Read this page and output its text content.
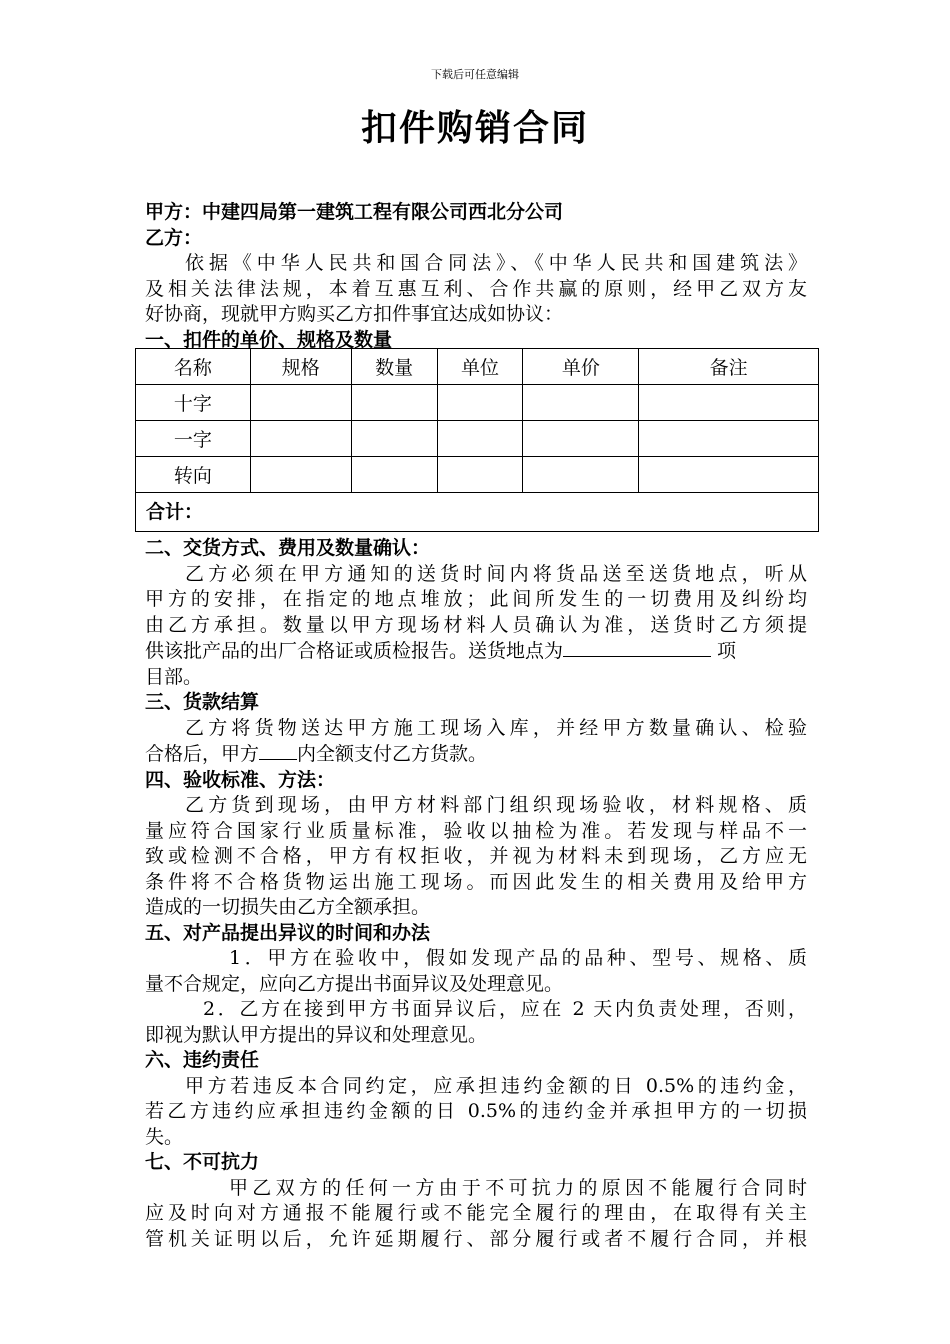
下载后可任意编辑
扣件购销合同
甲方：中建四局第一建筑工程有限公司西北分公司
乙方：
依据《中华人民共和国合同法》、《中华人民共和国建筑法》
及相关法律法规，本着互惠互利、合作共赢的原则，经甲乙双方友
好协商，现就甲方购买乙方扣件事宜达成如协议：
一、扣件的单价、规格及数量
名称	规格	数量	单位	单价	备注
十字					
一字					
转向					
合计：					
二、交货方式、费用及数量确认：
乙方必须在甲方通知的送货时间内将货品送至送货地点，听从
甲方的安排，在指定的地点堆放；此间所发生的一切费用及纠纷均
由乙方承担。数量以甲方现场材料人员确认为准，送货时乙方须提
供该批产品的出厂合格证或质检报告。送货地点为	项
目部。
三、货款结算
乙方将货物送达甲方施工现场入库，并经甲方数量确认、检验
合格后，甲方 内全额支付乙方货款。
四、验收标准、方法：
乙方货到现场，由甲方材料部门组织现场验收，材料规格、质
量应符合国家行业质量标准，验收以抽检为准。若发现与样品不一
致或检测不合格，甲方有权拒收，并视为材料未到现场，乙方应无
条件将不合格货物运出施工现场。而因此发生的相关费用及给甲方
造成的一切损失由乙方全额承担。
五、对产品提出异议的时间和办法
1．甲方在验收中，假如发现产品的品种、型号、规格、质
量不合规定，应向乙方提出书面异议及处理意见。
2．乙方在接到甲方书面异议后，应在 2 天内负责处理，否则，
即视为默认甲方提出的异议和处理意见。
六、违约责任
甲方若违反本合同约定，应承担违约金额的日 0.5%的违约金，
若乙方违约应承担违约金额的日 0.5%的违约金并承担甲方的一切损
失。
七、不可抗力
甲乙双方的任何一方由于不可抗力的原因不能履行合同时
应及时向对方通报不能履行或不能完全履行的理由，在取得有关主
管机关证明以后，允许延期履行、部分履行或者不履行合同，并根
